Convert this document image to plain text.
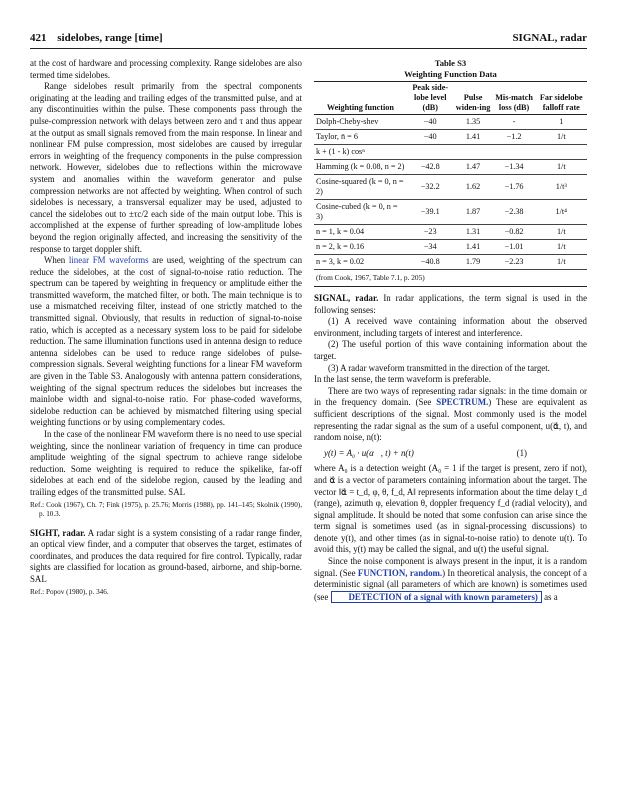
421 sidelobes, range [time]	SIGNAL, radar

at the cost of hardware and processing complexity. Range sidelobes are also termed time sidelobes.

Range sidelobes result primarily from the spectral components originating at the leading and trailing edges of the transmitted pulse, and at any discontinuities within the pulse. These components pass through the pulse-compression network with delays between zero and τ and thus appear at the output as small signals removed from the main response. In linear and nonlinear FM pulse compression, most sidelobes are caused by irregular errors in weighting of the frequency components in the pulse compression network. However, sidelobes due to reflections within the microwave system and anomalies within the waveform generator and pulse compression networks are not affected by weighting. When control of such sidelobes is necessary, a transversal equalizer may be used, adjusted to cancel the sidelobes out to ±τc/2 each side of the main output lobe. This is accomplished at the expense of further spreading of low-amplitude lobes beyond the region originally affected, and increasing the sensitivity of the response to target doppler shift.

When linear FM waveforms are used, weighting of the spectrum can reduce the sidelobes, at the cost of signal-to-noise ratio reduction. The spectrum can be tapered by weighting in frequency or amplitude either the transmitted waveform, the matched filter, or both. The main technique is to use a mismatched receiving filter, instead of one strictly matched to the transmitted signal. Obviously, that results in reduction of signal-to-noise ratio, which is accepted as a necessary system loss to be paid for sidelobe reduction. The same illumination functions used in antenna design to reduce antenna sidelobes can be used to reduce range sidelobes of pulse-compression signals. Several weighting functions for a linear FM waveform are given in the Table S3. Analogously with antenna pattern considerations, weighting of the signal spectrum reduces the sidelobes but increases the mainlobe width and signal-to-noise ratio. For phase-coded waveforms, sidelobe reduction can be achieved by mismatched filtering using special weighting functions or by using complementary codes.

In the case of the nonlinear FM waveform there is no need to use special weighting, since the nonlinear variation of frequency in time can produce amplitude weighting of the signal spectrum to achieve range sidelobe reduction. Some weighting is required to reduce the spikelike, far-off sidelobes at each end of the sidelobe region, caused by the leading and trailing edges of the transmitted pulse. SAL

Ref.: Cook (1967), Ch. 7; Fink (1975), p. 25.76; Morris (1988), pp. 141–145; Skolnik (1990), p. 10.3.

SIGHT, radar. A radar sight is a system consisting of a radar range finder, an optical view finder, and a computer that observes the target, estimates of coordinates, and produces the data required for fire control. Typically, radar sights are classified for location as ground-based, airborne, and ship-borne. SAL

Ref.: Popov (1980), p. 346.

Table S3
Weighting Function Data
Weighting function	Peak side-lobe level (dB)	Pulse widen-ing	Mis-match loss (dB)	Far sidelobe falloff rate
Dolph-Cheby-shev	−40	1.35	-	1
Taylor, n̄ = 6	−40	1.41	−1.2	1/t
k + (1 - k) cosⁿ				
Hamming (k = 0.08, n = 2)	−42.8	1.47	−1.34	1/t
Cosine-squared (k = 0, n = 2)	−32.2	1.62	−1.76	1/t³
Cosine-cubed (k = 0, n = 3)	−39.1	1.87	−2.38	1/t⁴
n = 1, k = 0.04	−23	1.31	−0.82	1/t
n = 2, k = 0.16	−34	1.41	−1.01	1/t
n = 3, k = 0.02	−40.8	1.79	−2.23	1/t
(from Cook, 1967, Table 7.1, p. 205)				

SIGNAL, radar. In radar applications, the term signal is used in the following senses:

(1) A received wave containing information about the observed environment, including targets of interest and interference.

(2) The useful portion of this wave containing information about the target.

(3) A radar waveform transmitted in the direction of the target.

In the last sense, the term waveform is preferable.

There are two ways of representing radar signals: in the time domain or in the frequency domain. (See SPECTRUM.) These are equivalent as sufficient descriptions of the signal. Most commonly used is the model representing the radar signal as the sum of a useful component, u(α⃗, t), and random noise, n(t):

y(t) = A₀ · u(α⃗, t) + n(t)	(1)

where A₀ is a detection weight (A₀ = 1 if the target is present, zero if not), and α⃗ is a vector of parameters containing information about the target. The vector ‖α⃗ = t_d, φ, θ, f_d, A‖ represents information about the time delay t_d (range), azimuth φ, elevation θ, doppler frequency f_d (radial velocity), and signal amplitude. It should be noted that some confusion can arise since the term signal is sometimes used (as in signal-processing discussions) to denote y(t), and other times (as in signal-to-noise ratio) to denote u(t). To avoid this, y(t) may be called the signal, and u(t) the useful signal.

Since the noise component is always present in the input, it is a random signal. (See FUNCTION, random.) In theoretical analysis, the concept of a deterministic signal (all parameters of which are known) is sometimes used (see DETECTION of a signal with known parameters) as a
